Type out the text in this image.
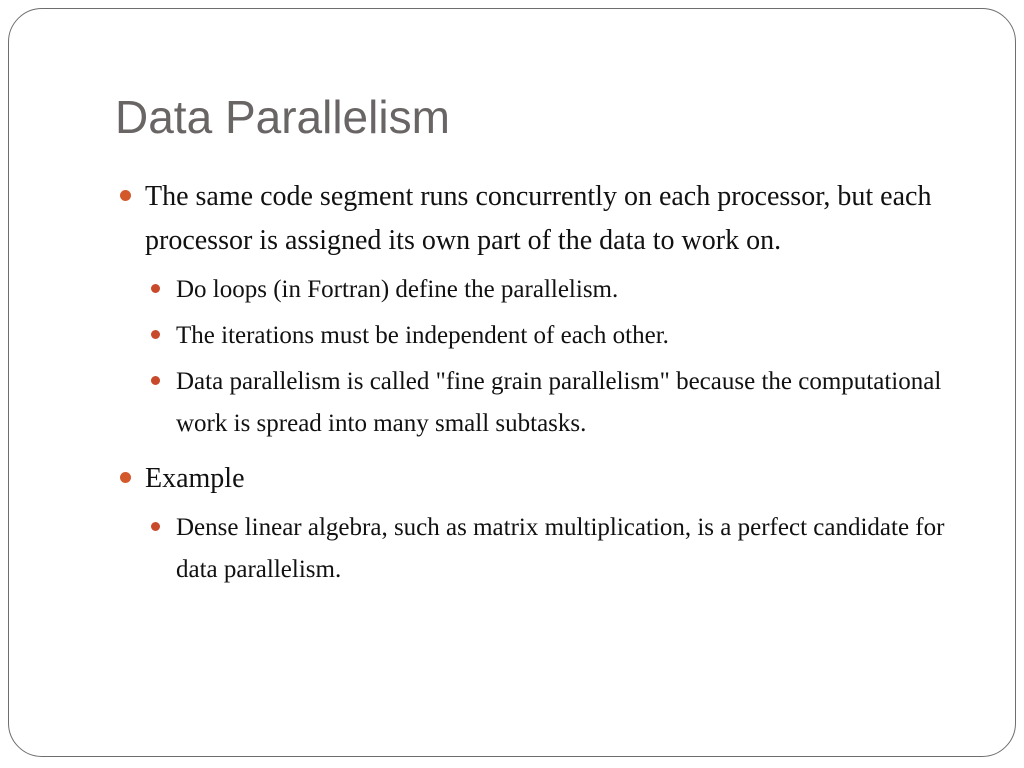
Data Parallelism
The same code segment runs concurrently on each processor, but each processor is assigned its own part of the data to work on.
Do loops (in Fortran) define the parallelism.
The iterations must be independent of each other.
Data parallelism is called "fine grain parallelism" because the computational work is spread into many small subtasks.
Example
Dense linear algebra, such as matrix multiplication, is a perfect candidate for data parallelism.
